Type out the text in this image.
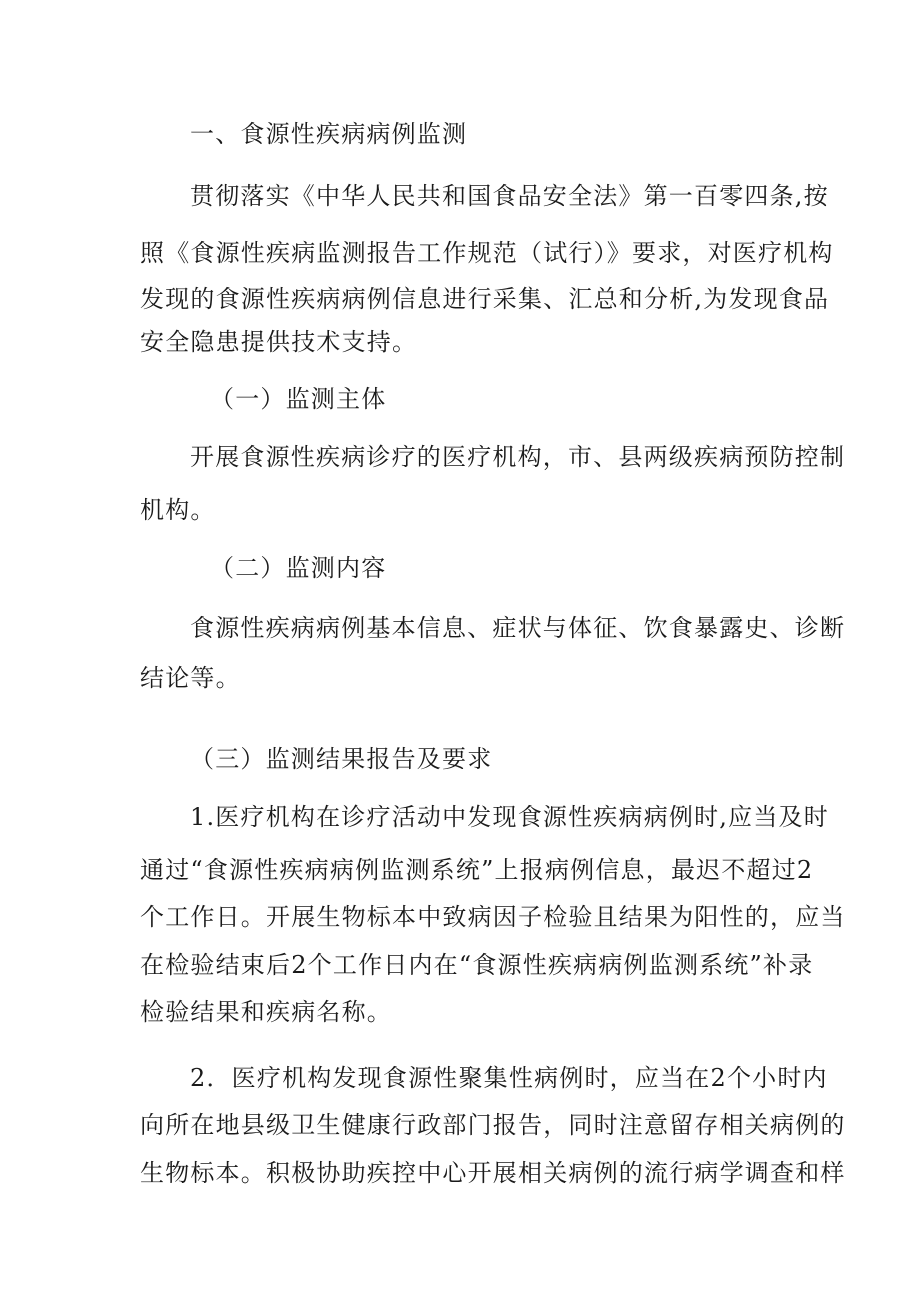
一、食源性疾病病例监测
贯彻落实《中华人民共和国食品安全法》第一百零四条,按
照《食源性疾病监测报告工作规范（试行）》要求，对医疗机构
发现的食源性疾病病例信息进行采集、汇总和分析,为发现食品
安全隐患提供技术支持。
（一）监测主体
开展食源性疾病诊疗的医疗机构，市、县两级疾病预防控制
机构。
（二）监测内容
食源性疾病病例基本信息、症状与体征、饮食暴露史、诊断
结论等。
（三）监测结果报告及要求
1.医疗机构在诊疗活动中发现食源性疾病病例时,应当及时
通过“食源性疾病病例监测系统”上报病例信息，最迟不超过2
个工作日。开展生物标本中致病因子检验且结果为阳性的，应当
在检验结束后2个工作日内在“食源性疾病病例监测系统”补录
检验结果和疾病名称。
2．医疗机构发现食源性聚集性病例时，应当在2个小时内
向所在地县级卫生健康行政部门报告，同时注意留存相关病例的
生物标本。积极协助疾控中心开展相关病例的流行病学调查和样
